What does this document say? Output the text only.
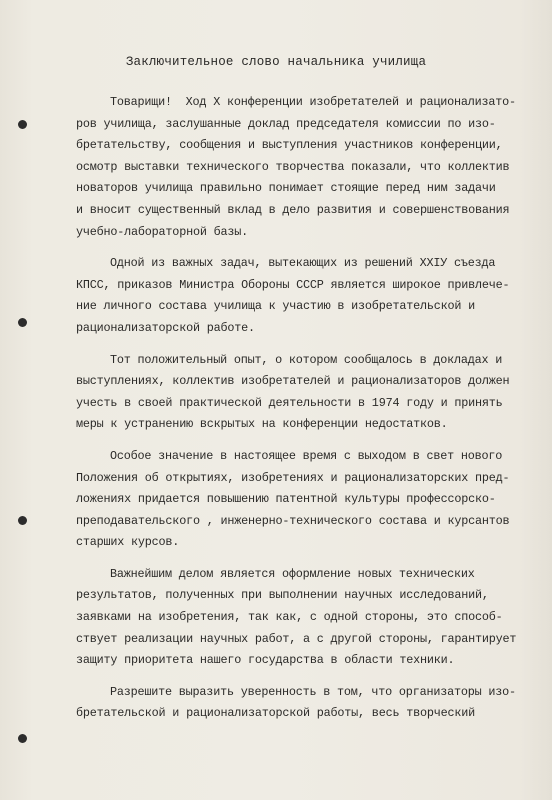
Заключительное слово начальника училища
Товарищи!  Ход Х конференции изобретателей и рационализато-
ров училища, заслушанные доклад председателя комиссии по изо-
бретательству, сообщения и выступления участников конференции,
осмотр выставки технического творчества показали, что коллектив
новаторов училища правильно понимает стоящие перед ним задачи
и вносит существенный вклад в дело развития и совершенствования
учебно-лабораторной базы.
Одной из важных задач, вытекающих из решений XXIУ съезда
КПСС, приказов Министра Обороны СССР является широкое привлече-
ние личного состава училища к участию в изобретательской и
рационализаторской работе.
Тот положительный опыт, о котором сообщалось в докладах и
выступлениях, коллектив изобретателей и рационализаторов должен
учесть в своей практической деятельности в 1974 году и принять
меры к устранению вскрытых на конференции недостатков.
Особое значение в настоящее время с выходом в свет нового
Положения об открытиях, изобретениях и рационализаторских пред-
ложениях придается повышению патентной культуры профессорско-
преподавательского , инженерно-технического состава и курсантов
старших курсов.
Важнейшим делом является оформление новых технических
результатов, полученных при выполнении научных исследований,
заявками на изобретения, так как, с одной стороны, это способ-
ствует реализации научных работ, а с другой стороны, гарантирует
защиту приоритета нашего государства в области техники.
Разрешите выразить уверенность в том, что организаторы изо-
бретательской и рационализаторской работы, весь творческий
